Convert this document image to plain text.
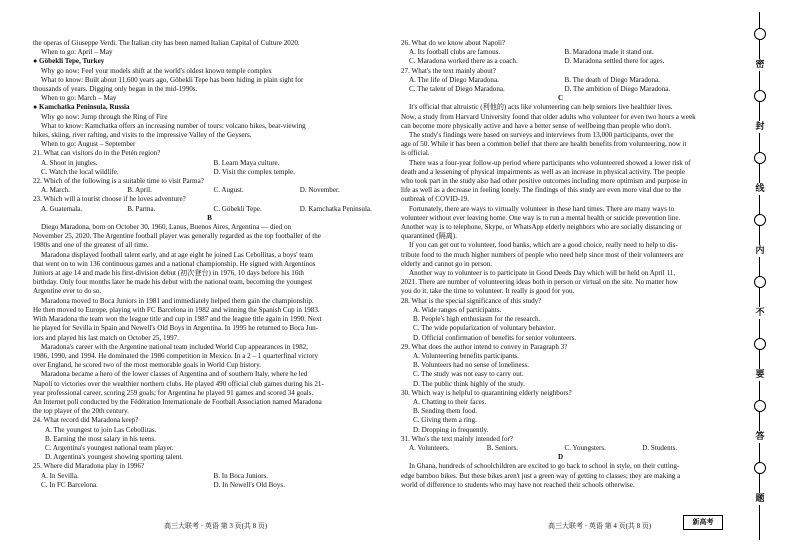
the operas of Giuseppe Verdi. The Italian city has been named Italian Capital of Culture 2020.

When to go: April – May

● Göbekli Tepe, Turkey

Why go now: Feel your models shift at the world's oldest known temple complex

What to know: Built about 11,600 years ago, Göbekli Tepe has been hiding in plain sight for

thousands of years. Digging only began in the mid-1990s.

When to go: March – May

● Kamchatka Peninsula, Russia

Why go now: Jump through the Ring of Fire

What to know: Kamchatka offers an increasing number of tours: volcano hikes, bear-viewing

hikes, skiing, river rafting, and visits to the impressive Valley of the Geysers.

When to go: August – September

21. What can visitors do in the Petén region?

A. Shoot in jungles.	B. Learn Maya culture.

C. Watch the local wildlife.	D. Visit the complex temple.

22. Which of the following is a suitable time to visit Parma?

A. March.	B. April.	C. August.	D. November.

23. Which will a tourist choose if he loves adventure?

A. Guatemala.	B. Parma.	C. Göbekli Tepe.	D. Kamchatka Peninsula.

B

Diego Maradona, born on October 30, 1960, Lanus, Buenos Aires, Argentina — died on

November 25, 2020. The Argentine football player was generally regarded as the top footballer of the

1980s and one of the greatest of all time.

Maradona displayed football talent early, and at age eight he joined Las Cebollitas, a boys' team

that went on to win 136 continuous games and a national championship. He signed with Argentinos

Juniors at age 14 and made his first-division debut (初次登台) in 1976, 10 days before his 16th

birthday. Only four months later he made his debut with the national team, becoming the youngest

Argentine ever to do so.

Maradona moved to Boca Juniors in 1981 and immediately helped them gain the championship.

He then moved to Europe, playing with FC Barcelona in 1982 and winning the Spanish Cup in 1983.

With Maradona the team won the league title and cup in 1987 and the league title again in 1990. Next

he played for Sevilla in Spain and Newell's Old Boys in Argentina. In 1995 he returned to Boca Jun-

iors and played his last match on October 25, 1997.

Maradona's career with the Argentine national team included World Cup appearances in 1982,

1986, 1990, and 1994. He dominated the 1986 competition in Mexico. In a 2 – 1 quarterfinal victory

over England, he scored two of the most memorable goals in World Cup history.

Maradona became a hero of the lower classes of Argentina and of southern Italy, where he led

Napoli to victories over the wealthier northern clubs. He played 490 official club games during his 21-

year professional career, scoring 259 goals; for Argentina he played 91 games and scored 34 goals.

An Internet poll conducted by the Fédération Internationale de Football Association named Maradona

the top player of the 20th century.

24. What record did Maradona keep?

A. The youngest to join Las Cebollitas.

B. Earning the most salary in his teens.

C. Argentina's youngest national team player.

D. Argentina's youngest showing sporting talent.

25. Where did Maradona play in 1996?

A. In Sevilla.	B. In Boca Juniors.

C. In FC Barcelona.	D. In Newell's Old Boys.

26. What do we know about Napoli?

A. Its football clubs are famous.	B. Maradona made it stand out.

C. Maradona worked there as a coach.	D. Maradona settled there for ages.

27. What's the text mainly about?

A. The life of Diego Maradona.	B. The death of Diego Maradona.

C. The talent of Diego Maradona.	D. The ambition of Diego Maradona.

C

It's official that altruistic (利他的) acts like volunteering can help seniors live healthier lives.

Now, a study from Harvard University found that older adults who volunteer for even two hours a week

can become more physically active and have a better sense of wellbeing than people who don't.

The study's findings were based on surveys and interviews from 13,000 participants, over the

age of 50. While it has been a common belief that there are health benefits from volunteering, now it

is official.

There was a four-year follow-up period where participants who volunteered showed a lower risk of

death and a lessening of physical impairments as well as an increase in physical activity. The people

who took part in the study also had other positive outcomes including more optimism and purpose in

life as well as a decrease in feeling lonely. The findings of this study are even more vital due to the

outbreak of COVID-19.

Fortunately, there are ways to virtually volunteer in these hard times. There are many ways to

volunteer without ever leaving home. One way is to run a mental health or suicide prevention line.

Another way is to telephone, Skype, or WhatsApp elderly neighbors who are socially distancing or

quarantined (隔离).

If you can get out to volunteer, food banks, which are a good choice, really need to help to dis-

tribute food to the much higher numbers of people who need help since most of their volunteers are

elderly and cannot go in person.

Another way to volunteer is to participate in Good Deeds Day which will be held on April 11,

2021. There are number of volunteering ideas both in person or virtual on the site. No matter how

you do it, take the time to volunteer. It really is good for you.

28. What is the special significance of this study?

A. Wide ranges of participants.

B. People's high enthusiasm for the research.

C. The wide popularization of voluntary behavior.

D. Official confirmation of benefits for senior volunteers.

29. What does the author intend to convey in Paragraph 3?

A. Volunteering benefits participants.

B. Volunteers had no sense of loneliness.

C. The study was not easy to carry out.

D. The public think highly of the study.

30. Which way is helpful to quarantining elderly neighbors?

A. Chatting to their faces.

B. Sending them food.

C. Giving them a ring.

D. Dropping in frequently.

31. Who's the text mainly intended for?

A. Volunteers.	B. Seniors.	C. Youngsters.	D. Students.

D

In Ghana, hundreds of schoolchildren are excited to go back to school in style, on their cutting-

edge bamboo bikes. But these bikes aren't just a green way of getting to classes; they are making a

world of difference to students who may have not reached their schools otherwise.

高三大联考 · 英语 第 3 页(共 8 页)	高三大联考 · 英语 第 4 页(共 8 页)	新高考
密
封
线
内
不
要
答
题
